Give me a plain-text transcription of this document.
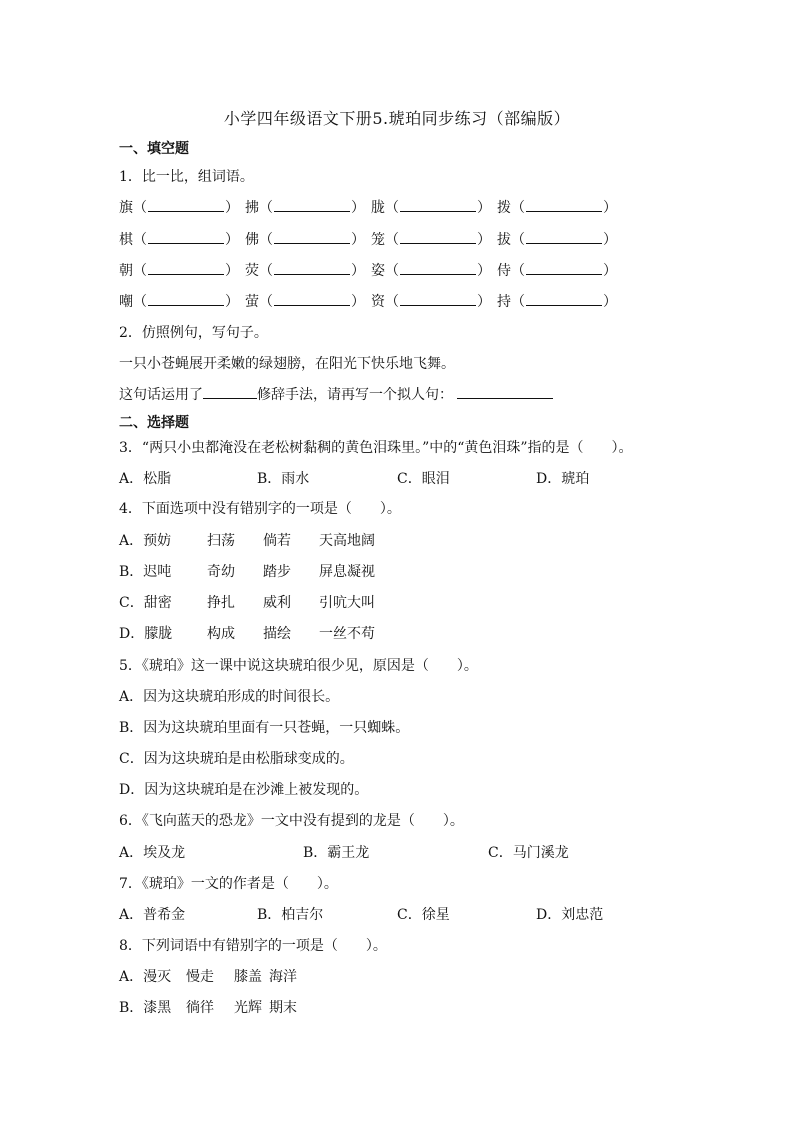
小学四年级语文下册5.琥珀同步练习（部编版）
一、填空题
1．比一比，组词语。
旗（	） 拂（	） 胧（	） 拨（	）
棋（	） 佛（	） 笼（	） 拔（	）
朝（	） 荧（	） 姿（	） 侍（	）
嘲（	） 萤（	） 资（	） 持（	）
2．仿照例句，写句子。
一只小苍蝇展开柔嫩的绿翅膀，在阳光下快乐地飞舞。
这句话运用了	修辞手法，请再写一个拟人句：
二、选择题
3．“两只小虫都淹没在老松树黏稠的黄色泪珠里。”中的“黄色泪珠”指的是（　　）。
A．松脂	B．雨水	C．眼泪	D．琥珀
4．下面选项中没有错别字的一项是（　　）。
A．预妨	扫荡 倘若 天高地阔
B．迟吨	奇幼 踏步 屏息凝视
C．甜密	挣扎 威利 引吭大叫
D．朦胧 构成 描绘 一丝不苟
5．《琥珀》这一课中说这块琥珀很少见，原因是（　　）。
A．因为这块琥珀形成的时间很长。
B．因为这块琥珀里面有一只苍蝇，一只蜘蛛。
C．因为这块琥珀是由松脂球变成的。
D．因为这块琥珀是在沙滩上被发现的。
6．《飞向蓝天的恐龙》一文中没有提到的龙是（　　）。
A．埃及龙	B．霸王龙	C．马门溪龙
7．《琥珀》一文的作者是（　　）。
A．普希金	B．柏吉尔	C．徐星	D．刘忠范
8．下列词语中有错别字的一项是（　　）。
A．漫灭 慢走 膝盖 海洋
B．漆黑 徜徉 光辉 期末
